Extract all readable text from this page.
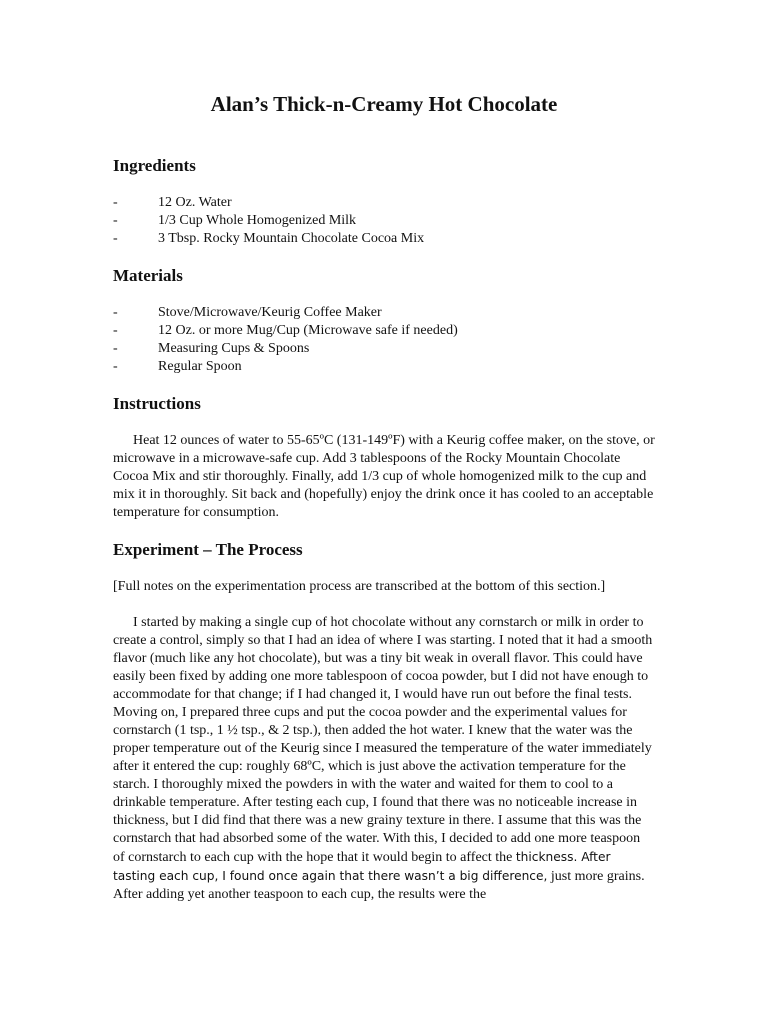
Alan’s Thick-n-Creamy Hot Chocolate
Ingredients
-	12 Oz. Water
-	1/3 Cup Whole Homogenized Milk
-	3 Tbsp. Rocky Mountain Chocolate Cocoa Mix
Materials
-	Stove/Microwave/Keurig Coffee Maker
-	12 Oz. or more Mug/Cup (Microwave safe if needed)
-	Measuring Cups & Spoons
-	Regular Spoon
Instructions

Heat 12 ounces of water to 55-65ºC (131-149ºF) with a Keurig coffee maker, on the stove, or microwave in a microwave-safe cup. Add 3 tablespoons of the Rocky Mountain Chocolate Cocoa Mix and stir thoroughly. Finally, add 1/3 cup of whole homogenized milk to the cup and mix it in thoroughly. Sit back and (hopefully) enjoy the drink once it has cooled to an acceptable temperature for consumption.

Experiment – The Process

[Full notes on the experimentation process are transcribed at the bottom of this section.]

I started by making a single cup of hot chocolate without any cornstarch or milk in order to create a control, simply so that I had an idea of where I was starting. I noted that it had a smooth flavor (much like any hot chocolate), but was a tiny bit weak in overall flavor. This could have easily been fixed by adding one more tablespoon of cocoa powder, but I did not have enough to accommodate for that change; if I had changed it, I would have run out before the final tests. Moving on, I prepared three cups and put the cocoa powder and the experimental values for cornstarch (1 tsp., 1 ½ tsp., & 2 tsp.), then added the hot water. I knew that the water was the proper temperature out of the Keurig since I measured the temperature of the water immediately after it entered the cup: roughly 68ºC, which is just above the activation temperature for the starch. I thoroughly mixed the powders in with the water and waited for them to cool to a drinkable temperature. After testing each cup, I found that there was no noticeable increase in thickness, but I did find that there was a new grainy texture in there. I assume that this was the cornstarch that had absorbed some of the water. With this, I decided to add one more teaspoon of cornstarch to each cup with the hope that it would begin to affect the thickness. After tasting each cup, I found once again that there wasn’t a big difference, just more grains. After adding yet another teaspoon to each cup, the results were the
